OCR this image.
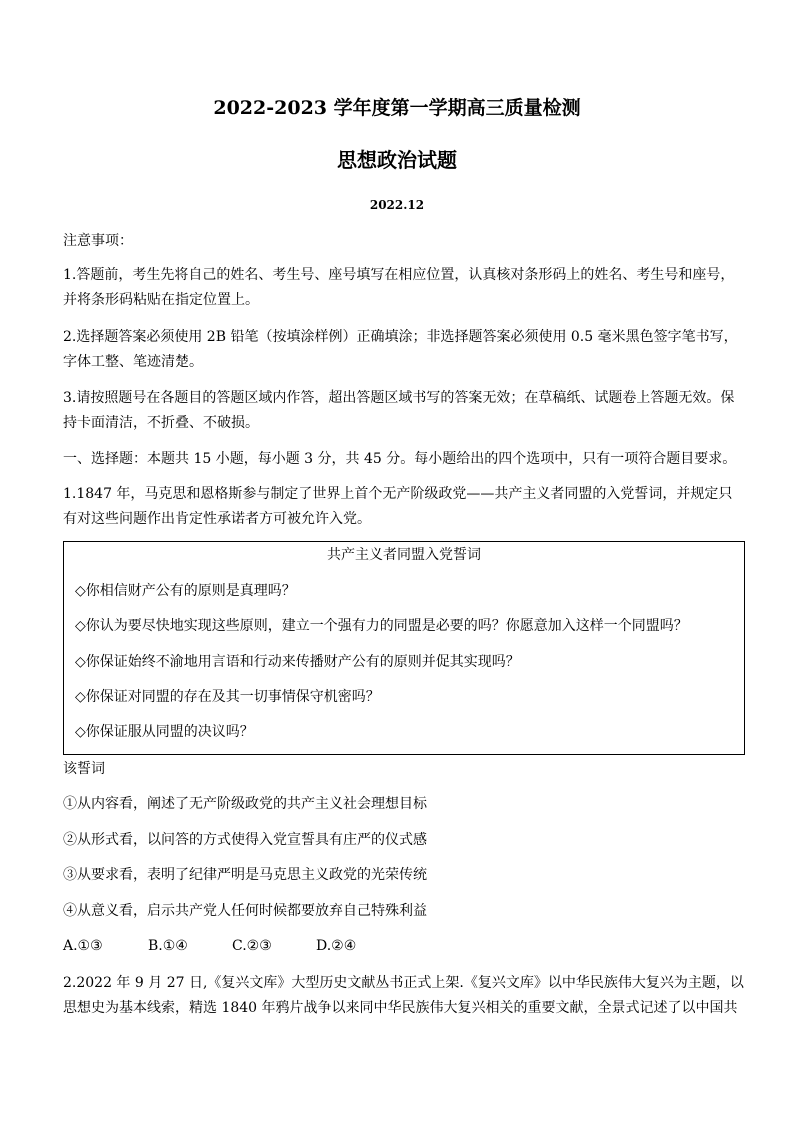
2022-2023 学年度第一学期高三质量检测
思想政治试题
2022.12
注意事项：
1.答题前，考生先将自己的姓名、考生号、座号填写在相应位置，认真核对条形码上的姓名、考生号和座号，
并将条形码粘贴在指定位置上。
2.选择题答案必须使用 2B 铅笔（按填涂样例）正确填涂；非选择题答案必须使用 0.5 毫米黑色签字笔书写，
字体工整、笔迹清楚。
3.请按照题号在各题目的答题区域内作答，超出答题区域书写的答案无效；在草稿纸、试题卷上答题无效。保
持卡面清洁，不折叠、不破损。
一、选择题：本题共 15 小题，每小题 3 分，共 45 分。每小题给出的四个选项中，只有一项符合题目要求。
1.1847 年，马克思和恩格斯参与制定了世界上首个无产阶级政党——共产主义者同盟的入党誓词，并规定只
有对这些问题作出肯定性承诺者方可被允许入党。
共产主义者同盟入党誓词
◇你相信财产公有的原则是真理吗？
◇你认为要尽快地实现这些原则，建立一个强有力的同盟是必要的吗？你愿意加入这样一个同盟吗？
◇你保证始终不渝地用言语和行动来传播财产公有的原则并促其实现吗？
◇你保证对同盟的存在及其一切事情保守机密吗？
◇你保证服从同盟的决议吗？
该誓词
①从内容看，阐述了无产阶级政党的共产主义社会理想目标
②从形式看，以问答的方式使得入党宣誓具有庄严的仪式感
③从要求看，表明了纪律严明是马克思主义政党的光荣传统
④从意义看，启示共产党人任何时候都要放弃自己特殊利益
A.①③	B.①④	C.②③	D.②④
2.2022 年 9 月 27 日,《复兴文库》大型历史文献丛书正式上架.《复兴文库》以中华民族伟大复兴为主题，以
思想史为基本线索，精选 1840 年鸦片战争以来同中华民族伟大复兴相关的重要文献，全景式记述了以中国共
